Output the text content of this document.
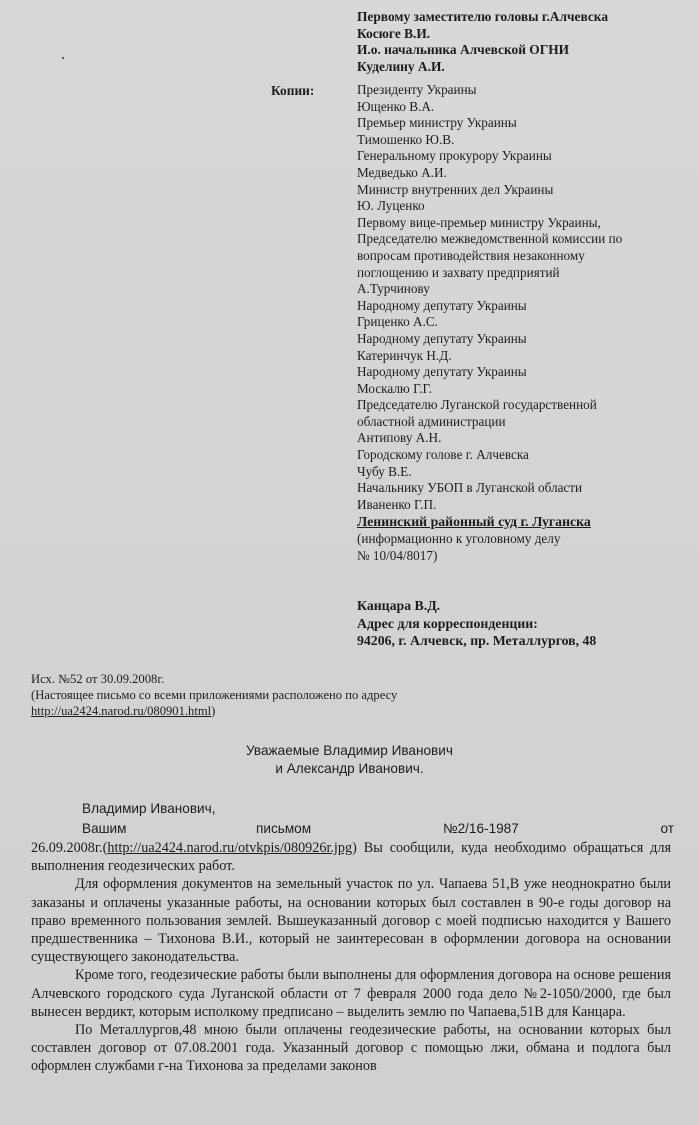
Первому заместителю головы г.Алчевска
Косюге В.И.
И.о. начальника Алчевской ОГНИ
Куделину А.И.
Копии:	Президенту Украины
Ющенко В.А.
Премьер министру Украины
Тимошенко Ю.В.
Генеральному прокурору Украины
Медведько А.И.
Министр внутренних дел Украины
Ю. Луценко
Первому вице-премьер министру Украины,
Председателю межведомственной комиссии по
вопросам противодействия незаконному
поглощению и захвату предприятий
А.Турчинову
Народному депутату Украины
Гриценко А.С.
Народному депутату Украины
Катеринчук Н.Д.
Народному депутату Украины
Москалю Г.Г.
Председателю Луганской государственной
областной администрации
Антипову А.Н.
Городскому голове г. Алчевска
Чубу В.Е.
Начальнику УБОП в Луганской области
Иваненко Г.П.
Ленинский районный суд г. Луганска
(информационно к уголовному делу
№ 10/04/8017)
Канцара В.Д.
Адрес для корреспонденции:
94206, г. Алчевск, пр. Металлургов, 48
Исх. №52 от 30.09.2008г.
(Настоящее письмо со всеми приложениями расположено по адресу
http://ua2424.narod.ru/080901.html)
Уважаемые Владимир Иванович
и Александр Иванович.
Владимир Иванович,
Вашим	письмом	№2/16-1987	от

26.09.2008г.(http://ua2424.narod.ru/otvkpis/080926r.jpg) Вы сообщили, куда необходимо обращаться для выполнения геодезических работ.

Для оформления документов на земельный участок по ул. Чапаева 51,В уже неоднократно были заказаны и оплачены указанные работы, на основании которых был составлен в 90-е годы договор на право временного пользования землей. Вышеуказанный договор с моей подписью находится у Вашего предшественника – Тихонова В.И., который не заинтересован в оформлении договора на основании существующего законодательства.

Кроме того, геодезические работы были выполнены для оформления договора на основе решения Алчевского городского суда Луганской области от 7 февраля 2000 года дело №2-1050/2000, где был вынесен вердикт, которым исполкому предписано – выделить землю по Чапаева,51В для Канцара.

По Металлургов,48 мною были оплачены геодезические работы, на основании которых был составлен договор от 07.08.2001 года. Указанный договор с помощью лжи, обмана и подлога был оформлен службами г-на Тихонова за пределами законов
